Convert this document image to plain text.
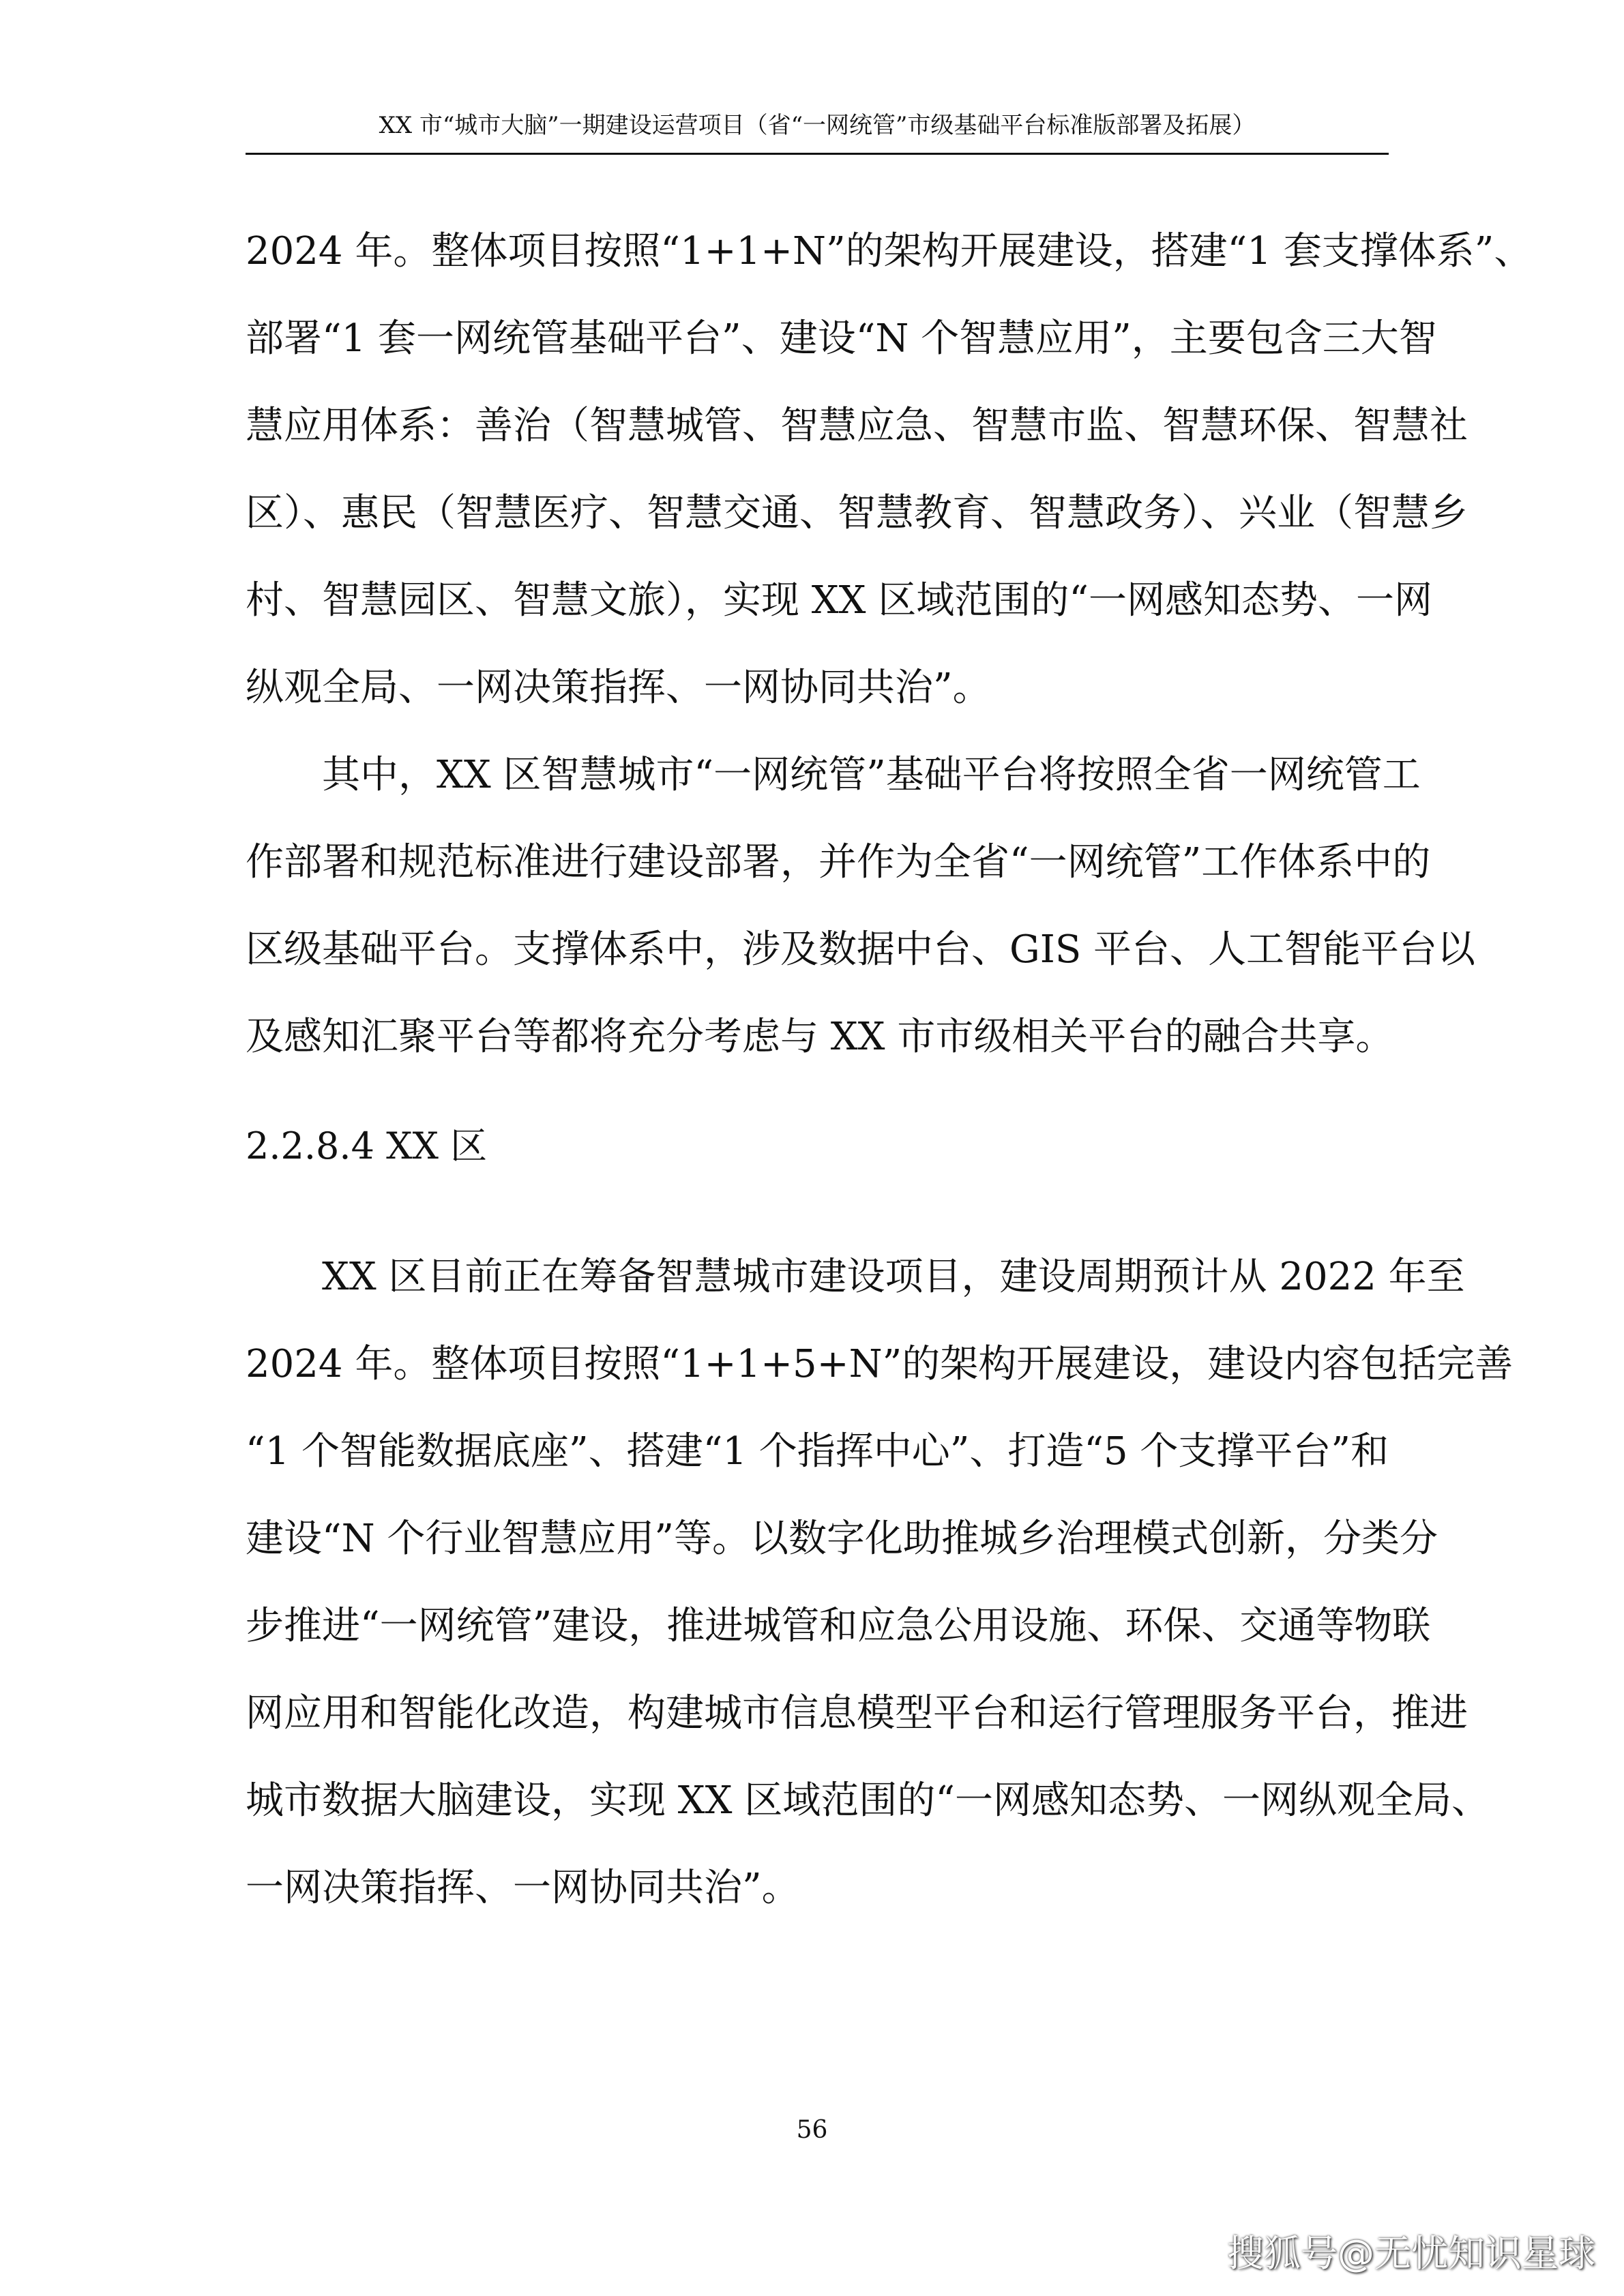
XX 市“城市大脑”一期建设运营项目（省“一网统管”市级基础平台标准版部署及拓展）
2024 年。整体项目按照“1+1+N”的架构开展建设，搭建“1 套支撑体系”、
部署“1 套一网统管基础平台”、建设“N 个智慧应用”，主要包含三大智
慧应用体系：善治（智慧城管、智慧应急、智慧市监、智慧环保、智慧社
区）、惠民（智慧医疗、智慧交通、智慧教育、智慧政务）、兴业（智慧乡
村、智慧园区、智慧文旅），实现 XX 区域范围的“一网感知态势、一网
纵观全局、一网决策指挥、一网协同共治”。
其中，XX 区智慧城市“一网统管”基础平台将按照全省一网统管工
作部署和规范标准进行建设部署，并作为全省“一网统管”工作体系中的
区级基础平台。支撑体系中，涉及数据中台、GIS 平台、人工智能平台以
及感知汇聚平台等都将充分考虑与 XX 市市级相关平台的融合共享。
2.2.8.4 XX 区
XX 区目前正在筹备智慧城市建设项目，建设周期预计从 2022 年至
2024 年。整体项目按照“1+1+5+N”的架构开展建设，建设内容包括完善
“1 个智能数据底座”、搭建“1 个指挥中心”、打造“5 个支撑平台”和
建设“N 个行业智慧应用”等。以数字化助推城乡治理模式创新，分类分
步推进“一网统管”建设，推进城管和应急公用设施、环保、交通等物联
网应用和智能化改造，构建城市信息模型平台和运行管理服务平台，推进
城市数据大脑建设，实现 XX 区域范围的“一网感知态势、一网纵观全局、
一网决策指挥、一网协同共治”。
56
搜狐号@无忧知识星球
